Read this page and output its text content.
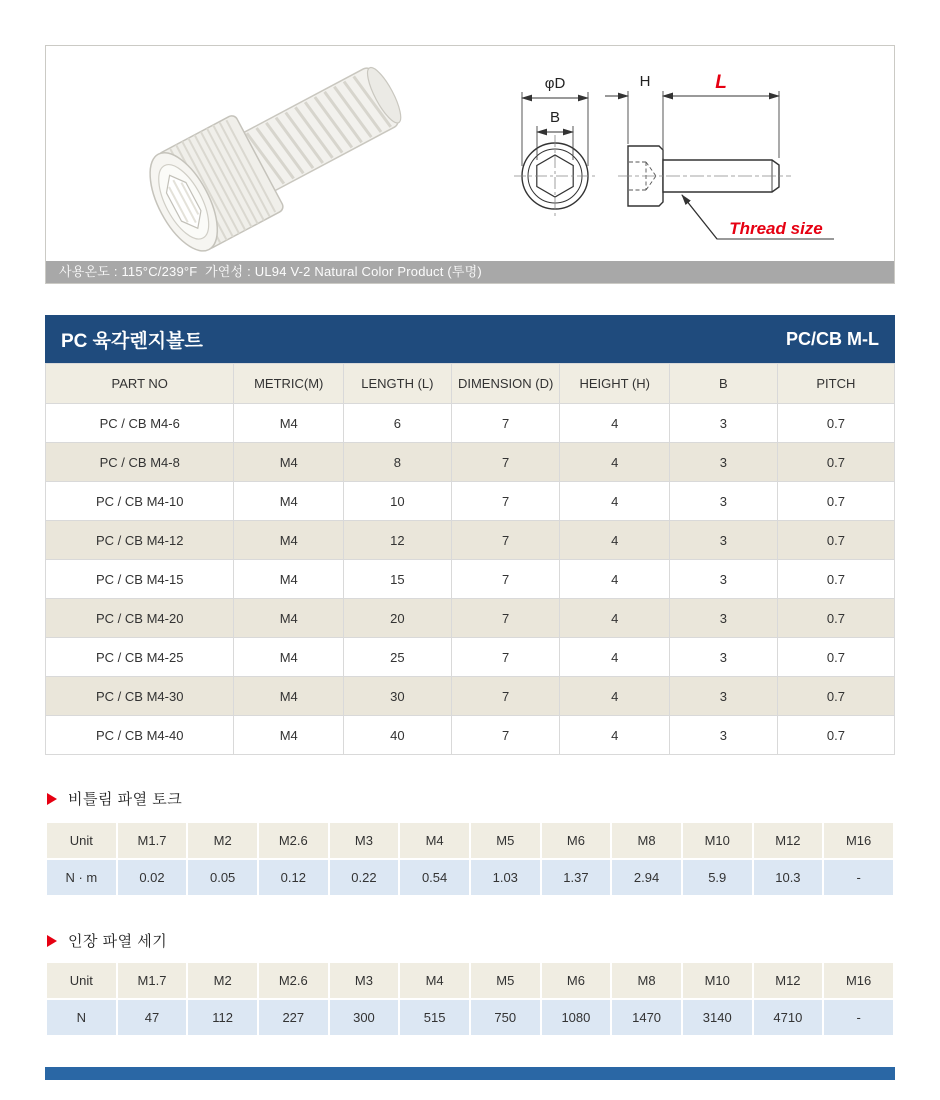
φD
B
H	L
Thread size
사용온도 : 115°C/239°F  가연성 : UL94 V-2 Natural Color Product (투명)
PC 육각렌지볼트	PC/CB M-L
PART NO	METRIC(M)	LENGTH (L)	DIMENSION (D)	HEIGHT (H)	B	PITCH
PC / CB M4-6	M4	6	7	4	3	0.7
PC / CB M4-8	M4	8	7	4	3	0.7
PC / CB M4-10	M4	10	7	4	3	0.7
PC / CB M4-12	M4	12	7	4	3	0.7
PC / CB M4-15	M4	15	7	4	3	0.7
PC / CB M4-20	M4	20	7	4	3	0.7
PC / CB M4-25	M4	25	7	4	3	0.7
PC / CB M4-30	M4	30	7	4	3	0.7
PC / CB M4-40	M4	40	7	4	3	0.7
비틀림 파열 토크
Unit	M1.7	M2	M2.6	M3	M4	M5	M6	M8	M10	M12	M16
N · m	0.02	0.05	0.12	0.22	0.54	1.03	1.37	2.94	5.9	10.3	-
인장 파열 세기
Unit	M1.7	M2	M2.6	M3	M4	M5	M6	M8	M10	M12	M16
N	47	112	227	300	515	750	1080	1470	3140	4710	-
